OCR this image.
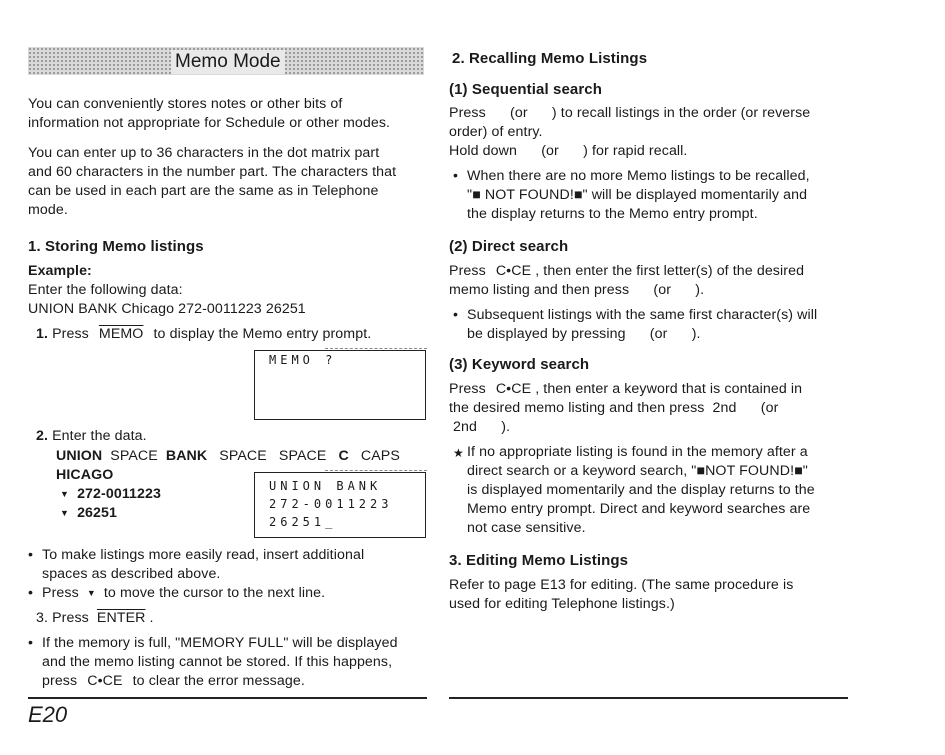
Memo Mode
You can conveniently stores notes or other bits of
information not appropriate for Schedule or other modes.
You can enter up to 36 characters in the dot matrix part
and 60 characters in the number part. The characters that
can be used in each part are the same as in Telephone
mode.
1. Storing Memo listings
Example:
Enter the following data:
UNION BANK Chicago 272-0011223 26251
1. Press MEMO to display the Memo entry prompt.
MEMO ?
2. Enter the data.
UNION SPACE BANK SPACE SPACE C CAPS
HICAGO
▼ 272-0011223
▼ 26251
UNION BANK
272-0011223
26251_
• To make listings more easily read, insert additional
spaces as described above.
• Press ▼ to move the cursor to the next line.
3. Press ENTER .
• If the memory is full, "MEMORY FULL" will be displayed
and the memo listing cannot be stored. If this happens,
press C•CE to clear the error message.
E20
2. Recalling Memo Listings
(1) Sequential search
Press      (or      ) to recall listings in the order (or reverse
order) of entry.
Hold down      (or      ) for rapid recall.
• When there are no more Memo listings to be recalled,
"■ NOT FOUND!■" will be displayed momentarily and
the display returns to the Memo entry prompt.
(2) Direct search
Press C•CE , then enter the first letter(s) of the desired
memo listing and then press      (or      ).
• Subsequent listings with the same first character(s) will
be displayed by pressing      (or      ).
(3) Keyword search
Press C•CE , then enter a keyword that is contained in
the desired memo listing and then press  2nd      (or
2nd      ).
★ If no appropriate listing is found in the memory after a
direct search or a keyword search, "■NOT FOUND!■"
is displayed momentarily and the display returns to the
Memo entry prompt. Direct and keyword searches are
not case sensitive.
3. Editing Memo Listings
Refer to page E13 for editing. (The same procedure is
used for editing Telephone listings.)
